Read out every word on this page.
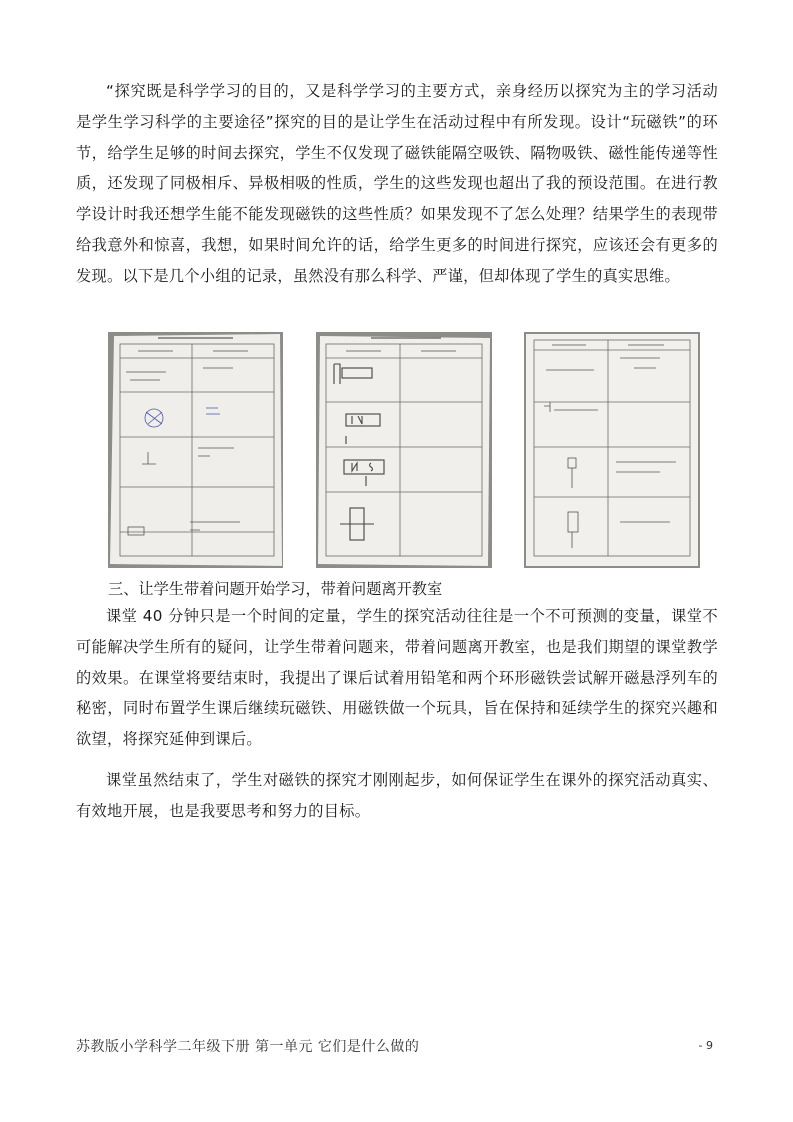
“探究既是科学学习的目的，又是科学学习的主要方式，亲身经历以探究为主的学习活动是学生学习科学的主要途径”探究的目的是让学生在活动过程中有所发现。设计“玩磁铁”的环节，给学生足够的时间去探究，学生不仅发现了磁铁能隔空吸铁、隔物吸铁、磁性能传递等性质，还发现了同极相斥、异极相吸的性质，学生的这些发现也超出了我的预设范围。在进行教学设计时我还想学生能不能发现磁铁的这些性质？如果发现不了怎么处理？结果学生的表现带给我意外和惊喜，我想，如果时间允许的话，给学生更多的时间进行探究，应该还会有更多的发现。以下是几个小组的记录，虽然没有那么科学、严谨，但却体现了学生的真实思维。

三、让学生带着问题开始学习，带着问题离开教室

课堂 40 分钟只是一个时间的定量，学生的探究活动往往是一个不可预测的变量，课堂不可能解决学生所有的疑问，让学生带着问题来，带着问题离开教室，也是我们期望的课堂教学的效果。在课堂将要结束时，我提出了课后试着用铅笔和两个环形磁铁尝试解开磁悬浮列车的秘密，同时布置学生课后继续玩磁铁、用磁铁做一个玩具，旨在保持和延续学生的探究兴趣和欲望，将探究延伸到课后。

课堂虽然结束了，学生对磁铁的探究才刚刚起步，如何保证学生在课外的探究活动真实、有效地开展，也是我要思考和努力的目标。

苏教版小学科学二年级下册 第一单元 它们是什么做的	- 9
